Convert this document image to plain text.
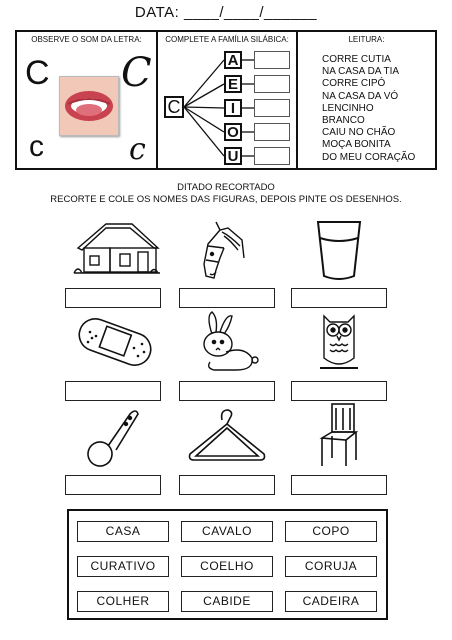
DATA: ____/____/______
OBSERVE O SOM DA LETRA:
C C
c	c
COMPLETE A FAMÍLIA SILÁBICA:
C
A
E
I
O
U
LEITURA:
CORRE CUTIA
NA CASA DA TIA
CORRE CIPÓ
NA CASA DA VÓ
LENCINHO
BRANCO
CAIU NO CHÃO
MOÇA BONITA
DO MEU CORAÇÃO
DITADO RECORTADO
RECORTE E COLE OS NOMES DAS FIGURAS, DEPOIS PINTE OS DESENHOS.
CASA	CAVALO	COPO
CURATIVO	COELHO	CORUJA
COLHER	CABIDE	CADEIRA
